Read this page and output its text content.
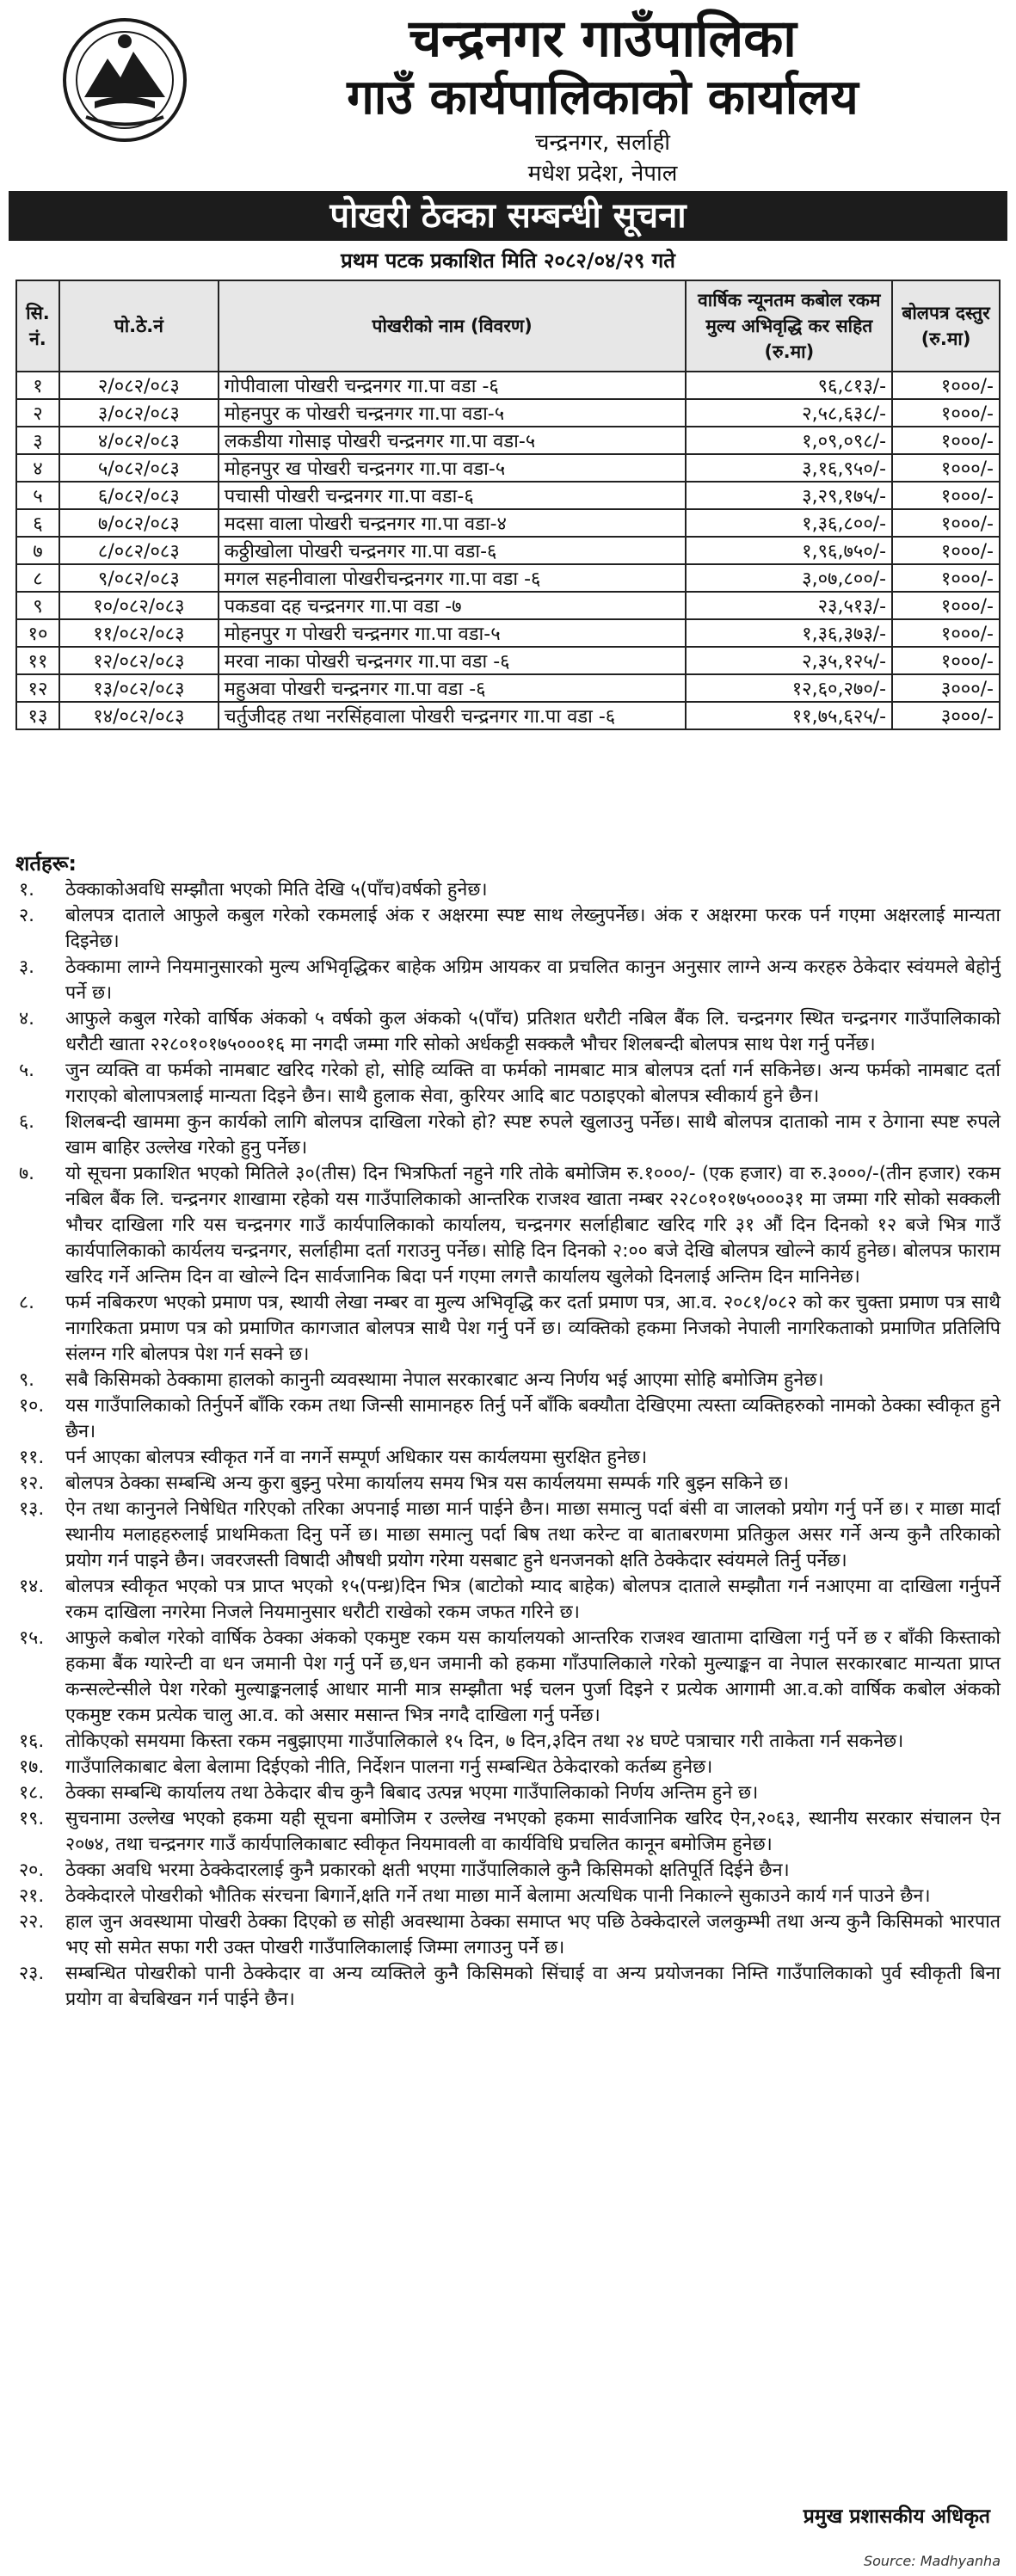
चन्द्रनगर गाउँपालिका
गाउँ कार्यपालिकाको कार्यालय
चन्द्रनगर, सर्लाही
मधेश प्रदेश, नेपाल
पोखरी ठेक्का सम्बन्धी सूचना
प्रथम पटक प्रकाशित मिति २०८२/०४/२९ गते
सि. नं.	पो.ठे.नं	पोखरीको नाम (विवरण)	वार्षिक न्यूनतम कबोल रकम मुल्य अभिवृद्धि कर सहित (रु.मा)	बोलपत्र दस्तुर (रु.मा)
१	२/०८२/०८३	गोपीवाला पोखरी चन्द्रनगर गा.पा वडा -६	९६,८१३/-	१०००/-
२	३/०८२/०८३	मोहनपुर क पोखरी चन्द्रनगर गा.पा वडा-५	२,५८,६३८/-	१०००/-
३	४/०८२/०८३	लकडीया गोसाइ पोखरी चन्द्रनगर गा.पा वडा-५	१,०९,०९८/-	१०००/-
४	५/०८२/०८३	मोहनपुर ख पोखरी चन्द्रनगर गा.पा वडा-५	३,१६,९५०/-	१०००/-
५	६/०८२/०८३	पचासी पोखरी चन्द्रनगर गा.पा वडा-६	३,२९,१७५/-	१०००/-
६	७/०८२/०८३	मदसा वाला पोखरी चन्द्रनगर गा.पा वडा-४	१,३६,८००/-	१०००/-
७	८/०८२/०८३	कठ्ठीखोला पोखरी चन्द्रनगर गा.पा वडा-६	१,९६,७५०/-	१०००/-
८	९/०८२/०८३	मगल सहनीवाला पोखरीचन्द्रनगर गा.पा वडा -६	३,०७,८००/-	१०००/-
९	१०/०८२/०८३	पकडवा दह चन्द्रनगर गा.पा वडा -७	२३,५१३/-	१०००/-
१०	११/०८२/०८३	मोहनपुर ग पोखरी चन्द्रनगर गा.पा वडा-५	१,३६,३७३/-	१०००/-
११	१२/०८२/०८३	मरवा नाका पोखरी चन्द्रनगर गा.पा वडा -६	२,३५,१२५/-	१०००/-
१२	१३/०८२/०८३	महुअवा पोखरी चन्द्रनगर गा.पा वडा -६	१२,६०,२७०/-	३०००/-
१३	१४/०८२/०८३	चर्तुजीदह तथा नरसिंहवाला पोखरी चन्द्रनगर गा.पा वडा -६	११,७५,६२५/-	३०००/-
शर्तहरू:
१.	ठेक्काकोअवधि सम्झौता भएको मिति देखि ५(पाँच)वर्षको हुनेछ।
२.	बोलपत्र दाताले आफुले कबुल गरेको रकमलाई अंक र अक्षरमा स्पष्ट साथ लेख्नुपर्नेछ। अंक र अक्षरमा फरक पर्न गएमा अक्षरलाई मान्यता दिइनेछ।
३.	ठेक्कामा लाग्ने नियमानुसारको मुल्य अभिवृद्धिकर बाहेक अग्रिम आयकर वा प्रचलित कानुन अनुसार लाग्ने अन्य करहरु ठेकेदार स्वंयमले बेहोर्नु पर्ने छ।
४.	आफुले कबुल गरेको वार्षिक अंकको ५ वर्षको कुल अंकको ५(पाँच) प्रतिशत धरौटी नबिल बैंक लि. चन्द्रनगर स्थित चन्द्रनगर गाउँपालिकाको धरौटी खाता २२८०१०१७५०००१६ मा नगदी जम्मा गरि सोको अर्धकट्टी सक्कलै भौचर शिलबन्दी बोलपत्र साथ पेश गर्नु पर्नेछ।
५.	जुन व्यक्ति वा फर्मको नामबाट खरिद गरेको हो, सोहि व्यक्ति वा फर्मको नामबाट मात्र बोलपत्र दर्ता गर्न सकिनेछ। अन्य फर्मको नामबाट दर्ता गराएको बोलापत्रलाई मान्यता दिइने छैन। साथै हुलाक सेवा, कुरियर आदि बाट पठाइएको बोलपत्र स्वीकार्य हुने छैन।
६.	शिलबन्दी खाममा कुन कार्यको लागि बोलपत्र दाखिला गरेको हो? स्पष्ट रुपले खुलाउनु पर्नेछ। साथै बोलपत्र दाताको नाम र ठेगाना स्पष्ट रुपले खाम बाहिर उल्लेख गरेको हुनु पर्नेछ।
७.	यो सूचना प्रकाशित भएको मितिले ३०(तीस) दिन भित्रफिर्ता नहुने गरि तोके बमोजिम रु.१०००/- (एक हजार) वा रु.३०००/-(तीन हजार) रकम नबिल बैंक लि. चन्द्रनगर शाखामा रहेको यस गाउँपालिकाको आन्तरिक राजश्व खाता नम्बर २२८०१०१७५०००३१ मा जम्मा गरि सोको सक्कली भौचर दाखिला गरि यस चन्द्रनगर गाउँ कार्यपालिकाको कार्यालय, चन्द्रनगर सर्लाहीबाट खरिद गरि ३१ औं दिन दिनको १२ बजे भित्र गाउँ कार्यपालिकाको कार्यलय चन्द्रनगर, सर्लाहीमा दर्ता गराउनु पर्नेछ। सोहि दिन दिनको २:०० बजे देखि बोलपत्र खोल्ने कार्य हुनेछ। बोलपत्र फाराम खरिद गर्ने अन्तिम दिन वा खोल्ने दिन सार्वजानिक बिदा पर्न गएमा लगत्तै कार्यालय खुलेको दिनलाई अन्तिम दिन मानिनेछ।
८.	फर्म नबिकरण भएको प्रमाण पत्र, स्थायी लेखा नम्बर वा मुल्य अभिवृद्धि कर दर्ता प्रमाण पत्र, आ.व. २०८१/०८२ को कर चुक्ता प्रमाण पत्र साथै नागरिकता प्रमाण पत्र को प्रमाणित कागजात बोलपत्र साथै पेश गर्नु पर्ने छ। व्यक्तिको हकमा निजको नेपाली नागरिकताको प्रमाणित प्रतिलिपि संलग्न गरि बोलपत्र पेश गर्न सक्ने छ।
९.	सबै किसिमको ठेक्कामा हालको कानुनी व्यवस्थामा नेपाल सरकारबाट अन्य निर्णय भई आएमा सोहि बमोजिम हुनेछ।
१०.	यस गाउँपालिकाको तिर्नुपर्ने बाँकि रकम तथा जिन्सी सामानहरु तिर्नु पर्ने बाँकि बक्यौता देखिएमा त्यस्ता व्यक्तिहरुको नामको ठेक्का स्वीकृत हुने छैन।
११.	पर्न आएका बोलपत्र स्वीकृत गर्ने वा नगर्ने सम्पूर्ण अधिकार यस कार्यलयमा सुरक्षित हुनेछ।
१२.	बोलपत्र ठेक्का सम्बन्धि अन्य कुरा बुझ्नु परेमा कार्यालय समय भित्र यस कार्यलयमा सम्पर्क गरि बुझ्न सकिने छ।
१३.	ऐन तथा कानुनले निषेधित गरिएको तरिका अपनाई माछा मार्न पाईने छैन। माछा समात्नु पर्दा बंसी वा जालको प्रयोग गर्नु पर्ने छ। र माछा मार्दा स्थानीय मलाहहरुलाई प्राथमिकता दिनु पर्ने छ। माछा समात्नु पर्दा बिष तथा करेन्ट वा बाताबरणमा प्रतिकुल असर गर्ने अन्य कुनै तरिकाको प्रयोग गर्न पाइने छैन। जवरजस्ती विषादी औषधी प्रयोग गरेमा यसबाट हुने धनजनको क्षति ठेक्केदार स्वंयमले तिर्नु पर्नेछ।
१४.	बोलपत्र स्वीकृत भएको पत्र प्राप्त भएको १५(पन्ध्र)दिन भित्र (बाटोको म्याद बाहेक) बोलपत्र दाताले सम्झौता गर्न नआएमा वा दाखिला गर्नुपर्ने रकम दाखिला नगरेमा निजले नियमानुसार धरौटी राखेको रकम जफत गरिने छ।
१५.	आफुले कबोल गरेको वार्षिक ठेक्का अंकको एकमुष्ट रकम यस कार्यालयको आन्तरिक राजश्व खातामा दाखिला गर्नु पर्ने छ र बाँकी किस्ताको हकमा बैंक ग्यारेन्टी वा धन जमानी पेश गर्नु पर्ने छ,धन जमानी को हकमा गाँउपालिकाले गरेको मुल्याङ्कन वा नेपाल सरकारबाट मान्यता प्राप्त कन्सल्टेन्सीले पेश गरेको मुल्याङ्कनलाई आधार मानी मात्र सम्झौता भई चलन पुर्जा दिइने र प्रत्येक आगामी आ.व.को वार्षिक कबोल अंकको एकमुष्ट रकम प्रत्येक चालु आ.व. को असार मसान्त भित्र नगदै दाखिला गर्नु पर्नेछ।
१६.	तोकिएको समयमा किस्ता रकम नबुझाएमा गाउँपालिकाले १५ दिन, ७ दिन,३दिन तथा २४ घण्टे पत्राचार गरी ताकेता गर्न सकनेछ।
१७.	गाउँपालिकाबाट बेला बेलामा दिईएको नीति, निर्देशन पालना गर्नु सम्बन्धित ठेकेदारको कर्तब्य हुनेछ।
१८.	ठेक्का सम्बन्धि कार्यालय तथा ठेकेदार बीच कुनै बिबाद उत्पन्न भएमा गाउँपालिकाको निर्णय अन्तिम हुने छ।
१९.	सुचनामा उल्लेख भएको हकमा यही सूचना बमोजिम र उल्लेख नभएको हकमा सार्वजानिक खरिद ऐन,२०६३, स्थानीय सरकार संचालन ऐन २०७४, तथा चन्द्रनगर गाउँ कार्यपालिकाबाट स्वीकृत नियमावली वा कार्यविधि प्रचलित कानून बमोजिम हुनेछ।
२०.	ठेक्का अवधि भरमा ठेक्केदारलाई कुनै प्रकारको क्षती भएमा गाउँपालिकाले कुनै किसिमको क्षतिपूर्ति दिईने छैन।
२१.	ठेक्केदारले पोखरीको भौतिक संरचना बिगार्ने,क्षति गर्ने तथा माछा मार्ने बेलामा अत्यधिक पानी निकाल्ने सुकाउने कार्य गर्न पाउने छैन।
२२.	हाल जुन अवस्थामा पोखरी ठेक्का दिएको छ सोही अवस्थामा ठेक्का समाप्त भए पछि ठेक्केदारले जलकुम्भी तथा अन्य कुनै किसिमको भारपात भए सो समेत सफा गरी उक्त पोखरी गाउँपालिकालाई जिम्मा लगाउनु पर्ने छ।
२३.	सम्बन्धित पोखरीको पानी ठेक्केदार वा अन्य व्यक्तिले कुनै किसिमको सिंचाई वा अन्य प्रयोजनका निम्ति गाउँपालिकाको पुर्व स्वीकृती बिना प्रयोग वा बेचबिखन गर्न पाईने छैन।
प्रमुख प्रशासकीय अधिकृत
Source: Madhyanha
